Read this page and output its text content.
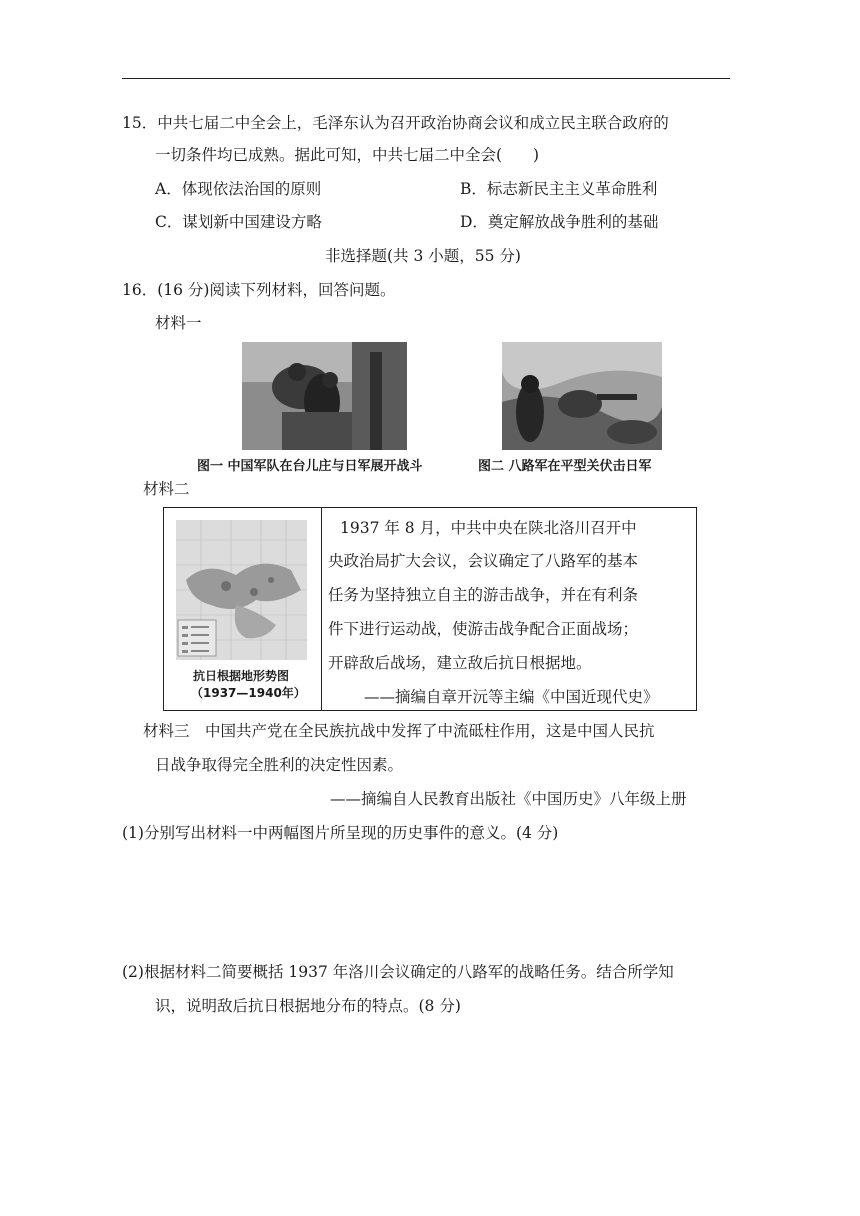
15．中共七届二中全会上，毛泽东认为召开政治协商会议和成立民主联合政府的
一切条件均已成熟。据此可知，中共七届二中全会(　　)
A．体现依法治国的原则	B．标志新民主主义革命胜利
C．谋划新中国建设方略	D．奠定解放战争胜利的基础
非选择题(共 3 小题，55 分)
16．(16 分)阅读下列材料，回答问题。
材料一
图一 中国军队在台儿庄与日军展开战斗	图二 八路军在平型关伏击日军
材料二
抗日根据地形势图
（1937—1940年）
1937 年 8 月，中共中央在陕北洛川召开中
央政治局扩大会议，会议确定了八路军的基本
任务为坚持独立自主的游击战争，并在有利条
件下进行运动战，使游击战争配合正面战场；
开辟敌后战场，建立敌后抗日根据地。
——摘编自章开沅等主编《中国近现代史》
材料三　中国共产党在全民族抗战中发挥了中流砥柱作用，这是中国人民抗
日战争取得完全胜利的决定性因素。
——摘编自人民教育出版社《中国历史》八年级上册
(1)分别写出材料一中两幅图片所呈现的历史事件的意义。(4 分)
(2)根据材料二简要概括 1937 年洛川会议确定的八路军的战略任务。结合所学知
识，说明敌后抗日根据地分布的特点。(8 分)
